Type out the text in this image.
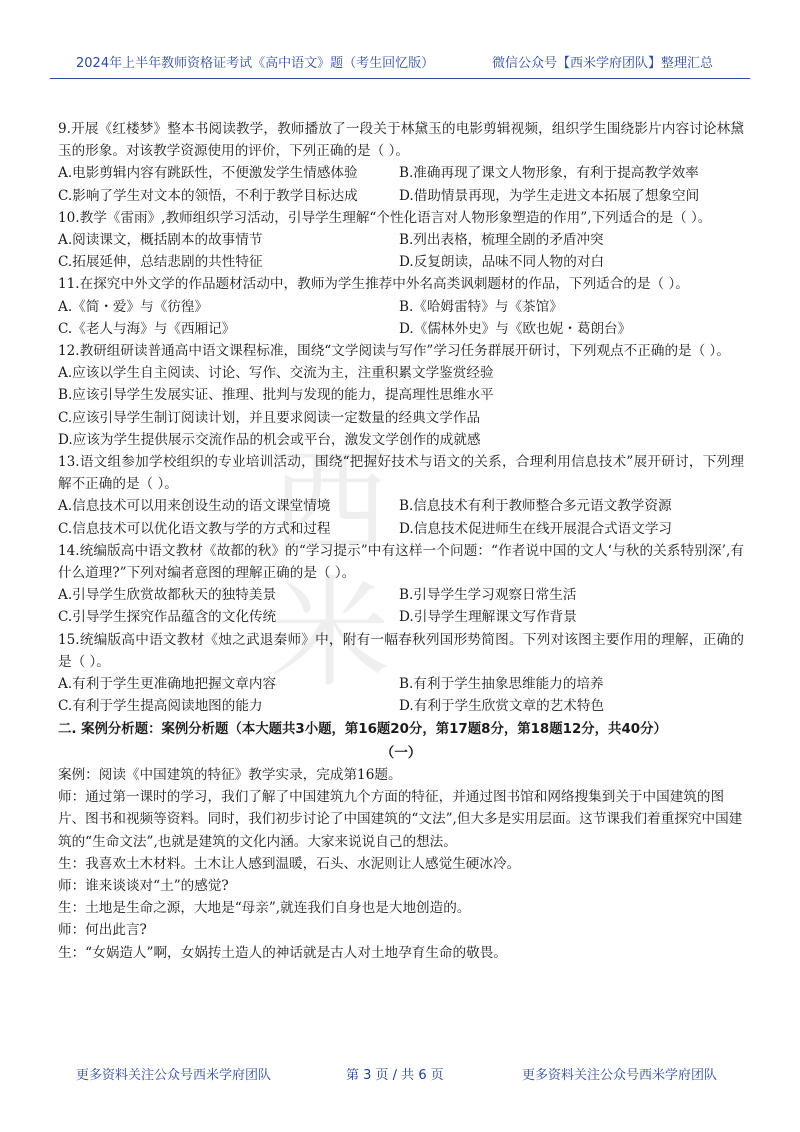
2024年上半年教师资格证考试《高中语文》题（考生回忆版）	微信公众号【西米学府团队】整理汇总
西
米

9.开展《红楼梦》整本书阅读教学，教师播放了一段关于林黛玉的电影剪辑视频，组织学生围绕影片内容讨论林黛玉的形象。对该教学资源使用的评价，下列正确的是（ ）。

A.电影剪辑内容有跳跃性，不便激发学生情感体验	B.准确再现了课文人物形象，有利于提高教学效率
C.影响了学生对文本的领悟，不利于教学目标达成	D.借助情景再现，为学生走进文本拓展了想象空间

10.教学《雷雨》,教师组织学习活动，引导学生理解“个性化语言对人物形象塑造的作用”,下列适合的是（ ）。

A.阅读课文，概括剧本的故事情节	B.列出表格，梳理全剧的矛盾冲突
C.拓展延伸，总结悲剧的共性特征	D.反复朗读，品味不同人物的对白

11.在探究中外文学的作品题材活动中，教师为学生推荐中外名高类讽刺题材的作品，下列适合的是（ ）。

A.《简・爱》与《彷徨》	B.《哈姆雷特》与《茶馆》
C.《老人与海》与《西厢记》	D.《儒林外史》与《欧也妮・葛朗台》

12.教研组研读普通高中语文课程标准，围绕“文学阅读与写作”学习任务群展开研讨，下列观点不正确的是（ ）。

A.应该以学生自主阅读、讨论、写作、交流为主，注重积累文学鉴赏经验
B.应该引导学生发展实证、推理、批判与发现的能力，提高理性思维水平
C.应该引导学生制订阅读计划，并且要求阅读一定数量的经典文学作品
D.应该为学生提供展示交流作品的机会或平台，激发文学创作的成就感

13.语文组参加学校组织的专业培训活动，围绕“把握好技术与语文的关系，合理利用信息技术”展开研讨，下列理解不正确的是（ ）。

A.信息技术可以用来创设生动的语文课堂情境	B.信息技术有利于教师整合多元语文教学资源
C.信息技术可以优化语文教与学的方式和过程	D.信息技术促进师生在线开展混合式语文学习

14.统编版高中语文教材《故都的秋》的“学习提示”中有这样一个问题：“作者说中国的文人‘与秋的关系特别深’,有什么道理?”下列对编者意图的理解正确的是（ ）。

A.引导学生欣赏故都秋天的独特美景	B.引导学生学习观察日常生活
C.引导学生探究作品蕴含的文化传统	D.引导学生理解课文写作背景

15.统编版高中语文教材《烛之武退秦师》中，附有一幅春秋列国形势简图。下列对该图主要作用的理解，正确的是（ ）。

A.有利于学生更准确地把握文章内容	B.有利于学生抽象思维能力的培养
C.有利于学生提高阅读地图的能力	D.有利于学生欣赏文章的艺术特色
二. 案例分析题：案例分析题（本大题共3小题，第16题20分，第17题8分，第18题12分，共40分）
（一）

案例：阅读《中国建筑的特征》教学实录，完成第16题。

师：通过第一课时的学习，我们了解了中国建筑九个方面的特征，并通过图书馆和网络搜集到关于中国建筑的图片、图书和视频等资料。同时，我们初步讨论了中国建筑的“文法”,但大多是实用层面。这节课我们着重探究中国建筑的“生命文法”,也就是建筑的文化内涵。大家来说说自己的想法。

生：我喜欢土木材料。土木让人感到温暖，石头、水泥则让人感觉生硬冰冷。

师：谁来谈谈对“土”的感觉?

生：土地是生命之源，大地是“母亲”,就连我们自身也是大地创造的。

师：何出此言?

生：“女娲造人”啊，女娲抟土造人的神话就是古人对土地孕育生命的敬畏。

更多资料关注公众号西米学府团队	第 3 页 / 共 6 页	更多资料关注公众号西米学府团队
